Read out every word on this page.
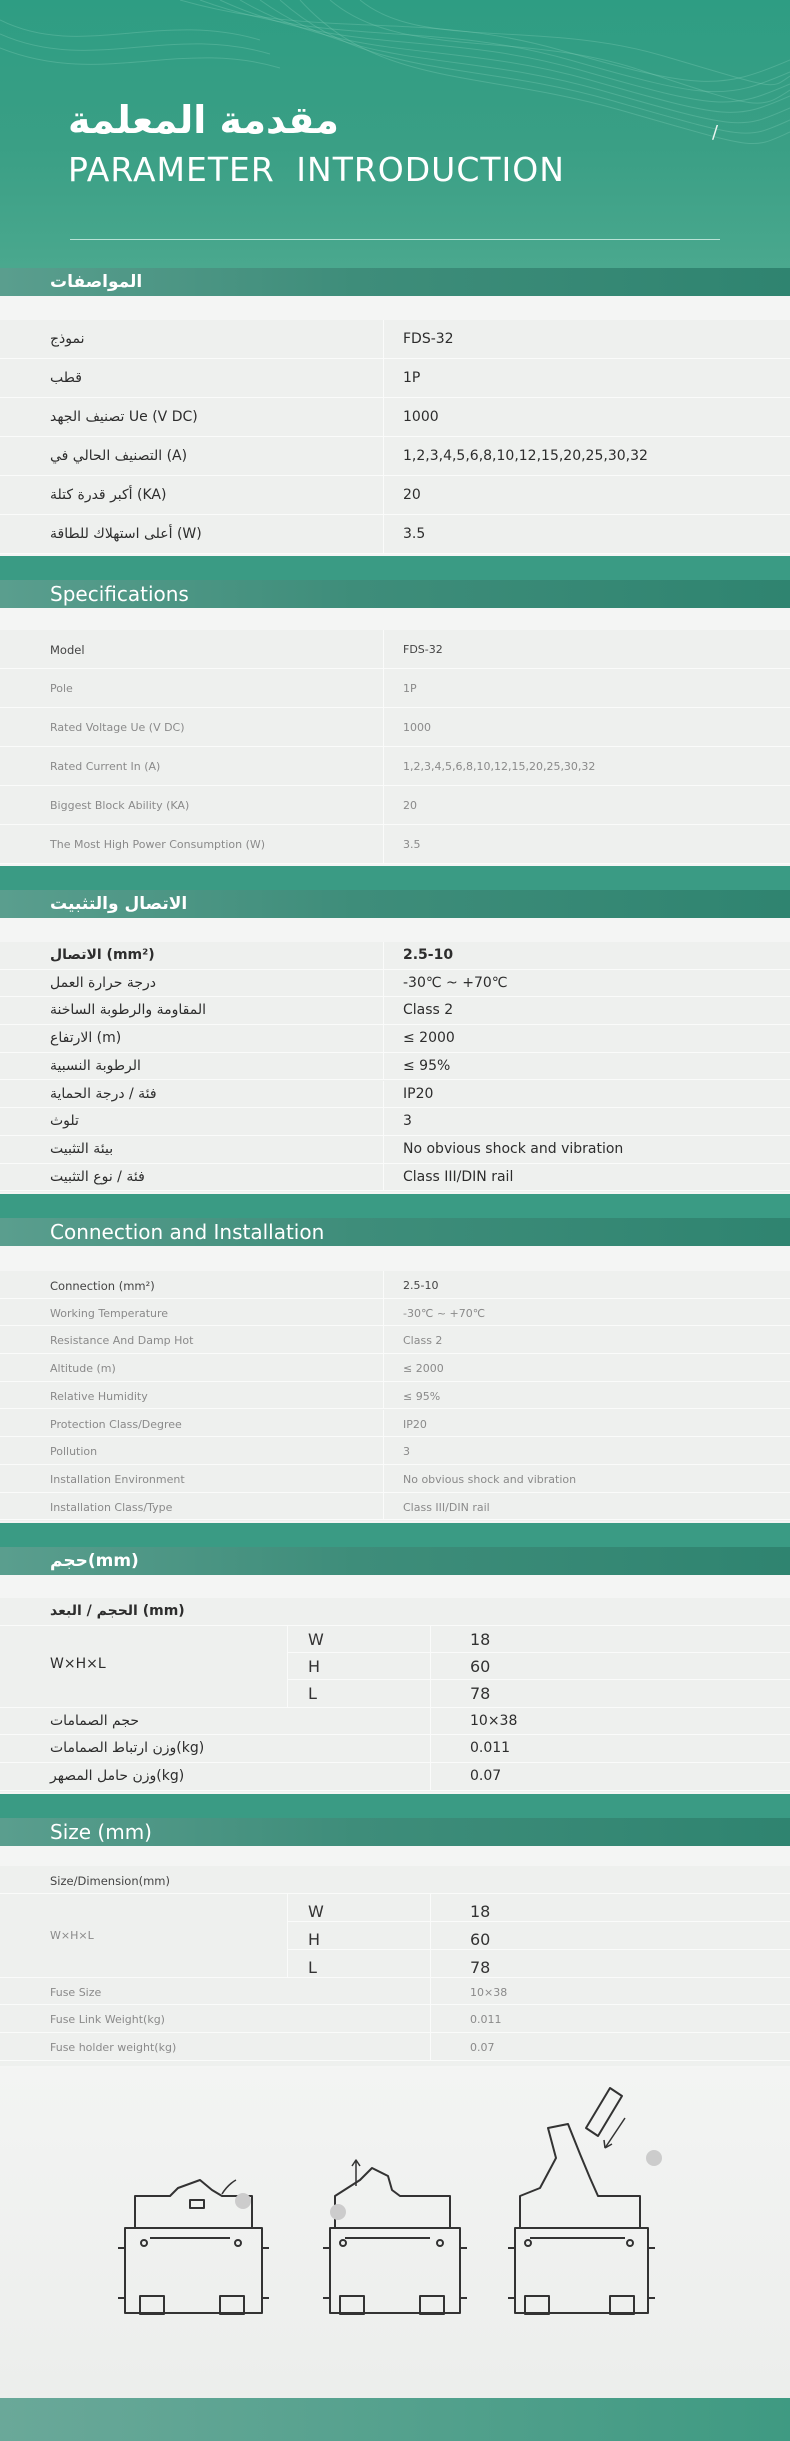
مقدمة المعلمة
PARAMETER INTRODUCTION
/
المواصفات
نموذج	FDS-32
قطب	1P
تصنيف الجهد Ue (V DC)	1000
التصنيف الحالي في (A)	1,2,3,4,5,6,8,10,12,15,20,25,30,32
أكبر قدرة كتلة (KA)	20
أعلى استهلاك للطاقة (W)	3.5
Specifications
Model	FDS-32
Pole	1P
Rated Voltage Ue (V DC)	1000
Rated Current In (A)	1,2,3,4,5,6,8,10,12,15,20,25,30,32
Biggest Block Ability (KA)	20
The Most High Power Consumption (W)	3.5
الاتصال والتثبيت
الاتصال (mm²)	2.5-10
درجة حرارة العمل	-30℃ ~ +70℃
المقاومة والرطوبة الساخنة	Class 2
الارتفاع (m)	≤ 2000
الرطوبة النسبية	≤ 95%
فئة / درجة الحماية	IP20
تلوث	3
بيئة التثبيت	No obvious shock and vibration
فئة / نوع التثبيت	Class III/DIN rail
Connection and Installation
Connection (mm²)	2.5-10
Working Temperature	-30℃ ~ +70℃
Resistance And Damp Hot	Class 2
Altitude (m)	≤ 2000
Relative Humidity	≤ 95%
Protection Class/Degree	IP20
Pollution	3
Installation Environment	No obvious shock and vibration
Installation Class/Type	Class III/DIN rail
حجم(mm)
الحجم / البعد (mm)
W×H×L
W	18
H	60
L	78
حجم الصمامات	10×38
وزن ارتباط الصمامات(kg)	0.011
وزن حامل المصهر(kg)	0.07
Size (mm)
Size/Dimension(mm)
W×H×L
W	18
H	60
L	78
Fuse Size	10×38
Fuse Link Weight(kg)	0.011
Fuse holder weight(kg)	0.07
